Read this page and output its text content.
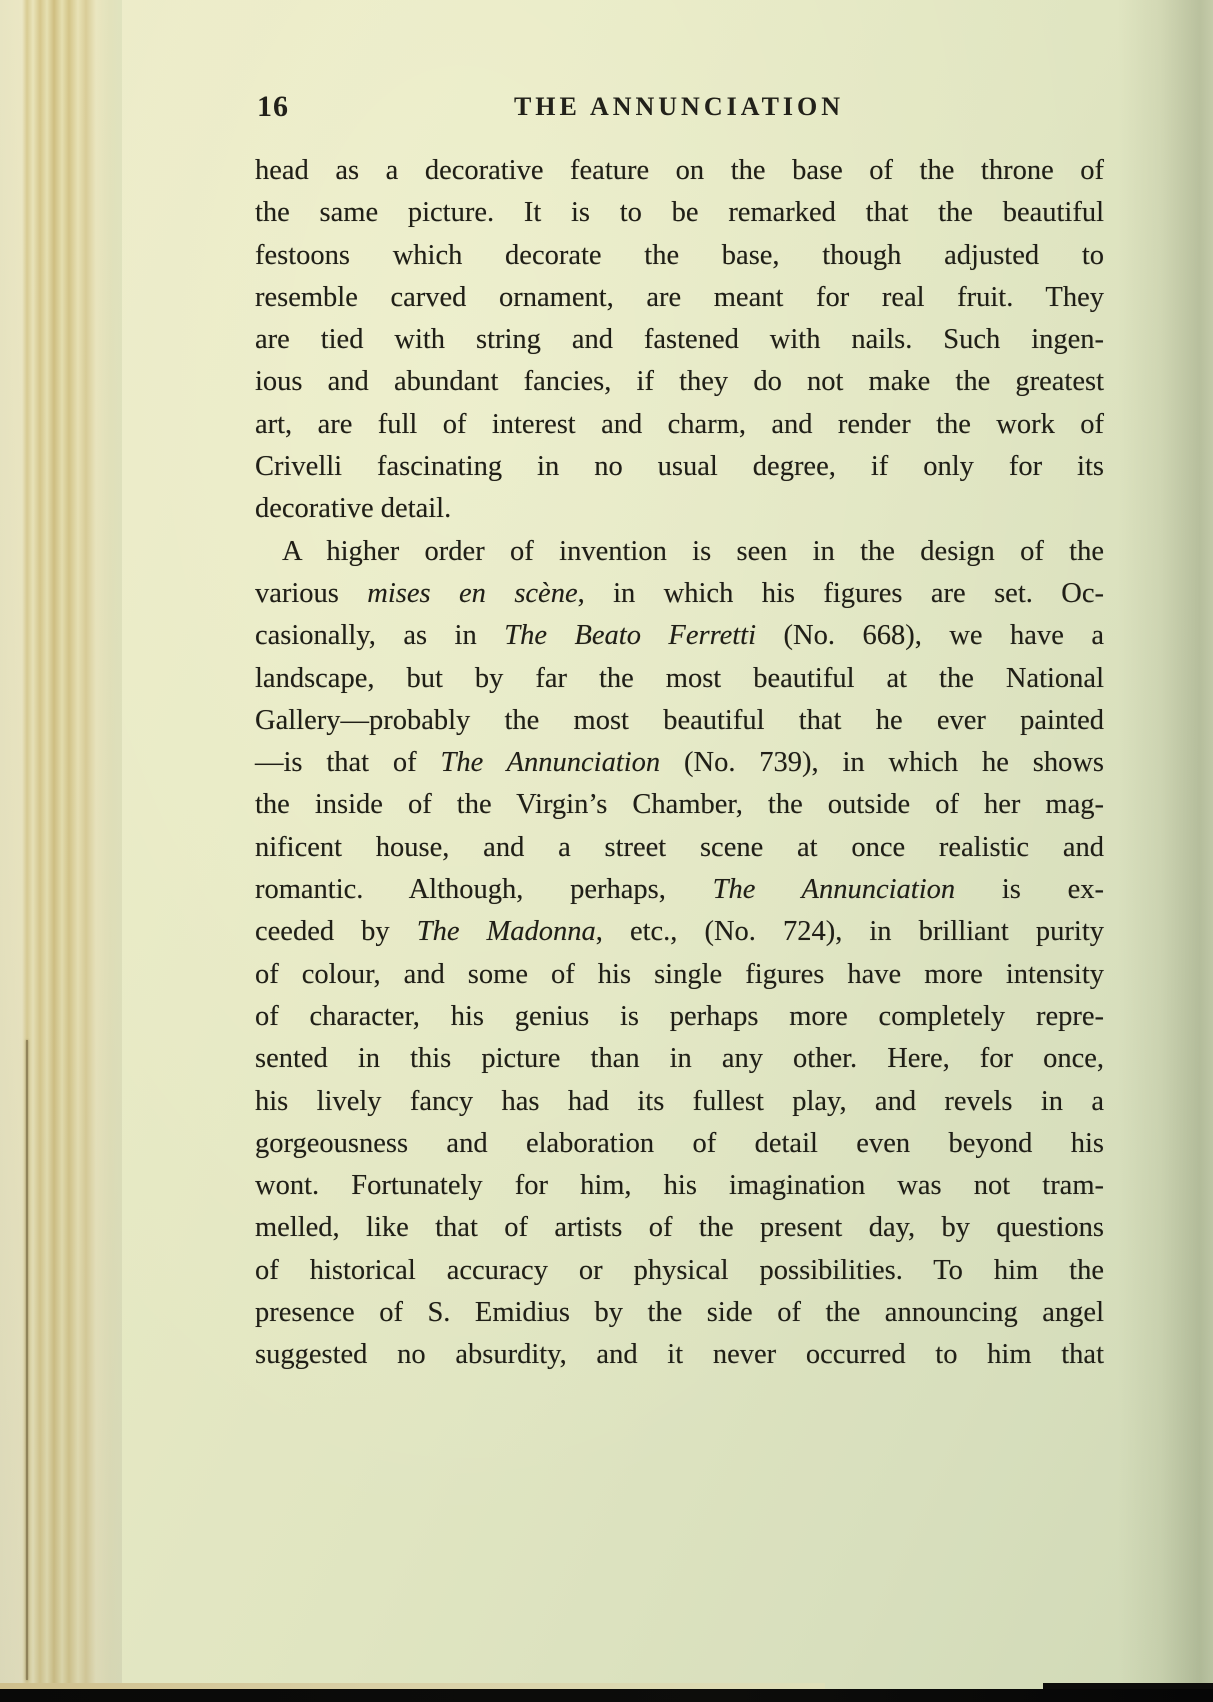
16	THE ANNUNCIATION
head as a decorative feature on the base of the throne of
the same picture. It is to be remarked that the beautiful
festoons which decorate the base, though adjusted to
resemble carved ornament, are meant for real fruit. They
are tied with string and fastened with nails. Such ingen-
ious and abundant fancies, if they do not make the greatest
art, are full of interest and charm, and render the work of
Crivelli fascinating in no usual degree, if only for its
decorative detail.
A higher order of invention is seen in the design of the
various mises en scène, in which his figures are set. Oc-
casionally, as in The Beato Ferretti (No. 668), we have a
landscape, but by far the most beautiful at the National
Gallery—probably the most beautiful that he ever painted
—is that of The Annunciation (No. 739), in which he shows
the inside of the Virgin’s Chamber, the outside of her mag-
nificent house, and a street scene at once realistic and
romantic. Although, perhaps, The Annunciation is ex-
ceeded by The Madonna, etc., (No. 724), in brilliant purity
of colour, and some of his single figures have more intensity
of character, his genius is perhaps more completely repre-
sented in this picture than in any other. Here, for once,
his lively fancy has had its fullest play, and revels in a
gorgeousness and elaboration of detail even beyond his
wont. Fortunately for him, his imagination was not tram-
melled, like that of artists of the present day, by questions
of historical accuracy or physical possibilities. To him the
presence of S. Emidius by the side of the announcing angel
suggested no absurdity, and it never occurred to him that
